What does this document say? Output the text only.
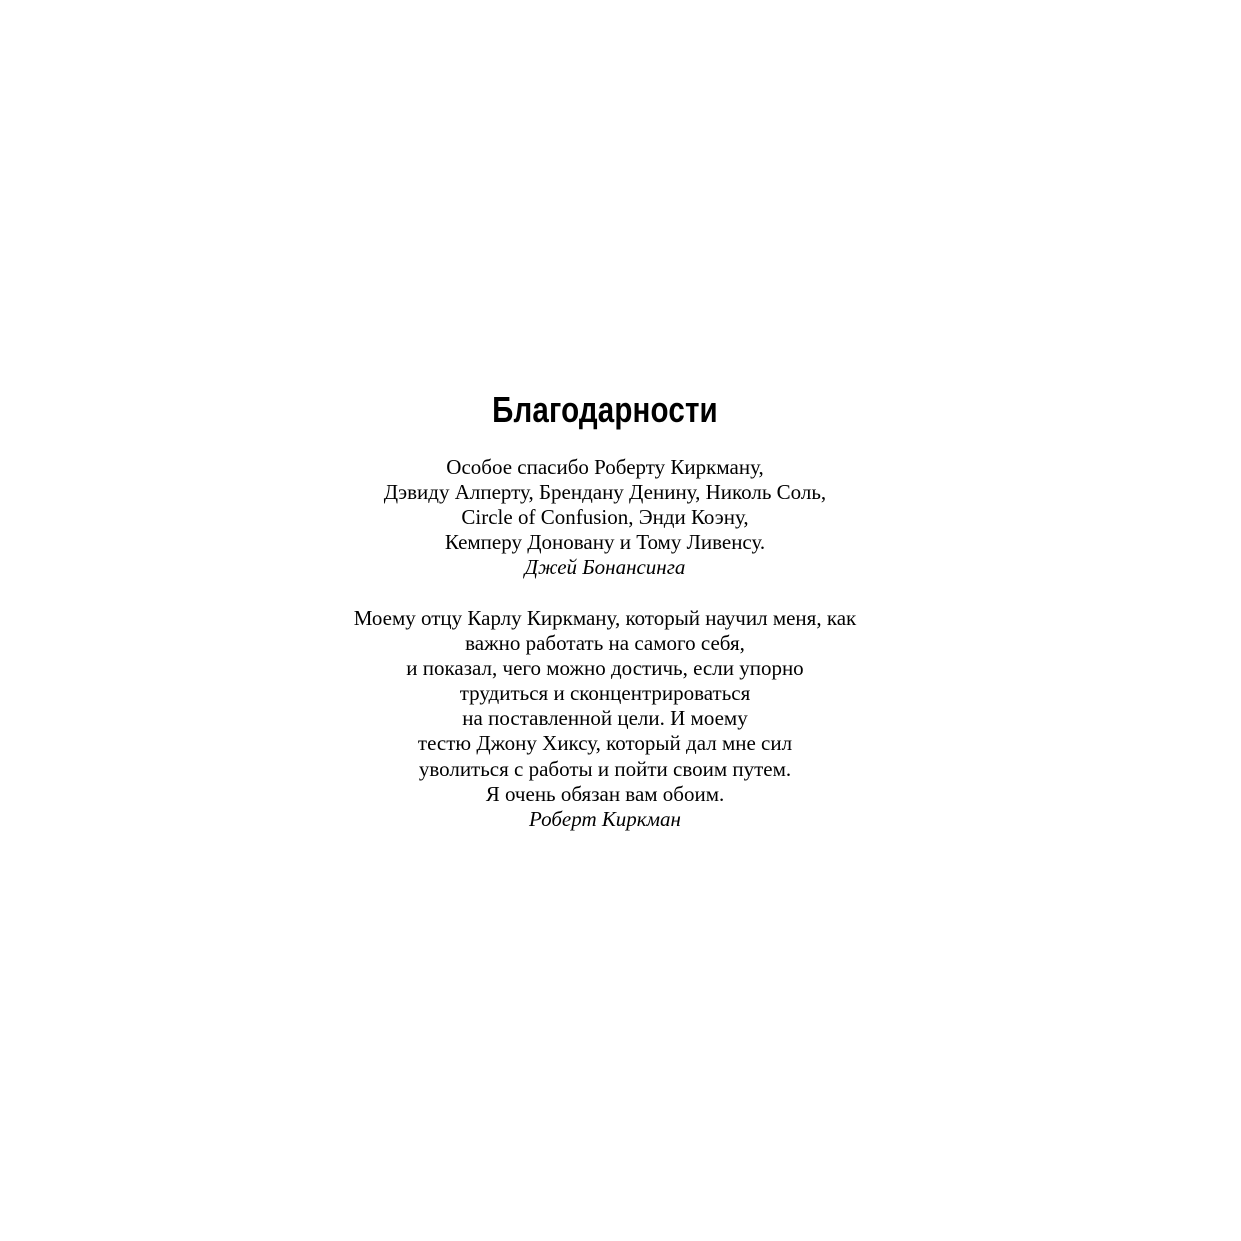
Благодарности
Особое спасибо Роберту Киркману,
Дэвиду Алперту, Брендану Денину, Николь Соль,
Circle of Confusion, Энди Коэну,
Кемперу Доновану и Тому Ливенсу.
Джей Бонансинга
Моему отцу Карлу Киркману, который научил меня, как
важно работать на самого себя,
и показал, чего можно достичь, если упорно
трудиться и сконцентрироваться
на поставленной цели. И моему
тестю Джону Хиксу, который дал мне сил
уволиться с работы и пойти своим путем.
Я очень обязан вам обоим.
Роберт Киркман
